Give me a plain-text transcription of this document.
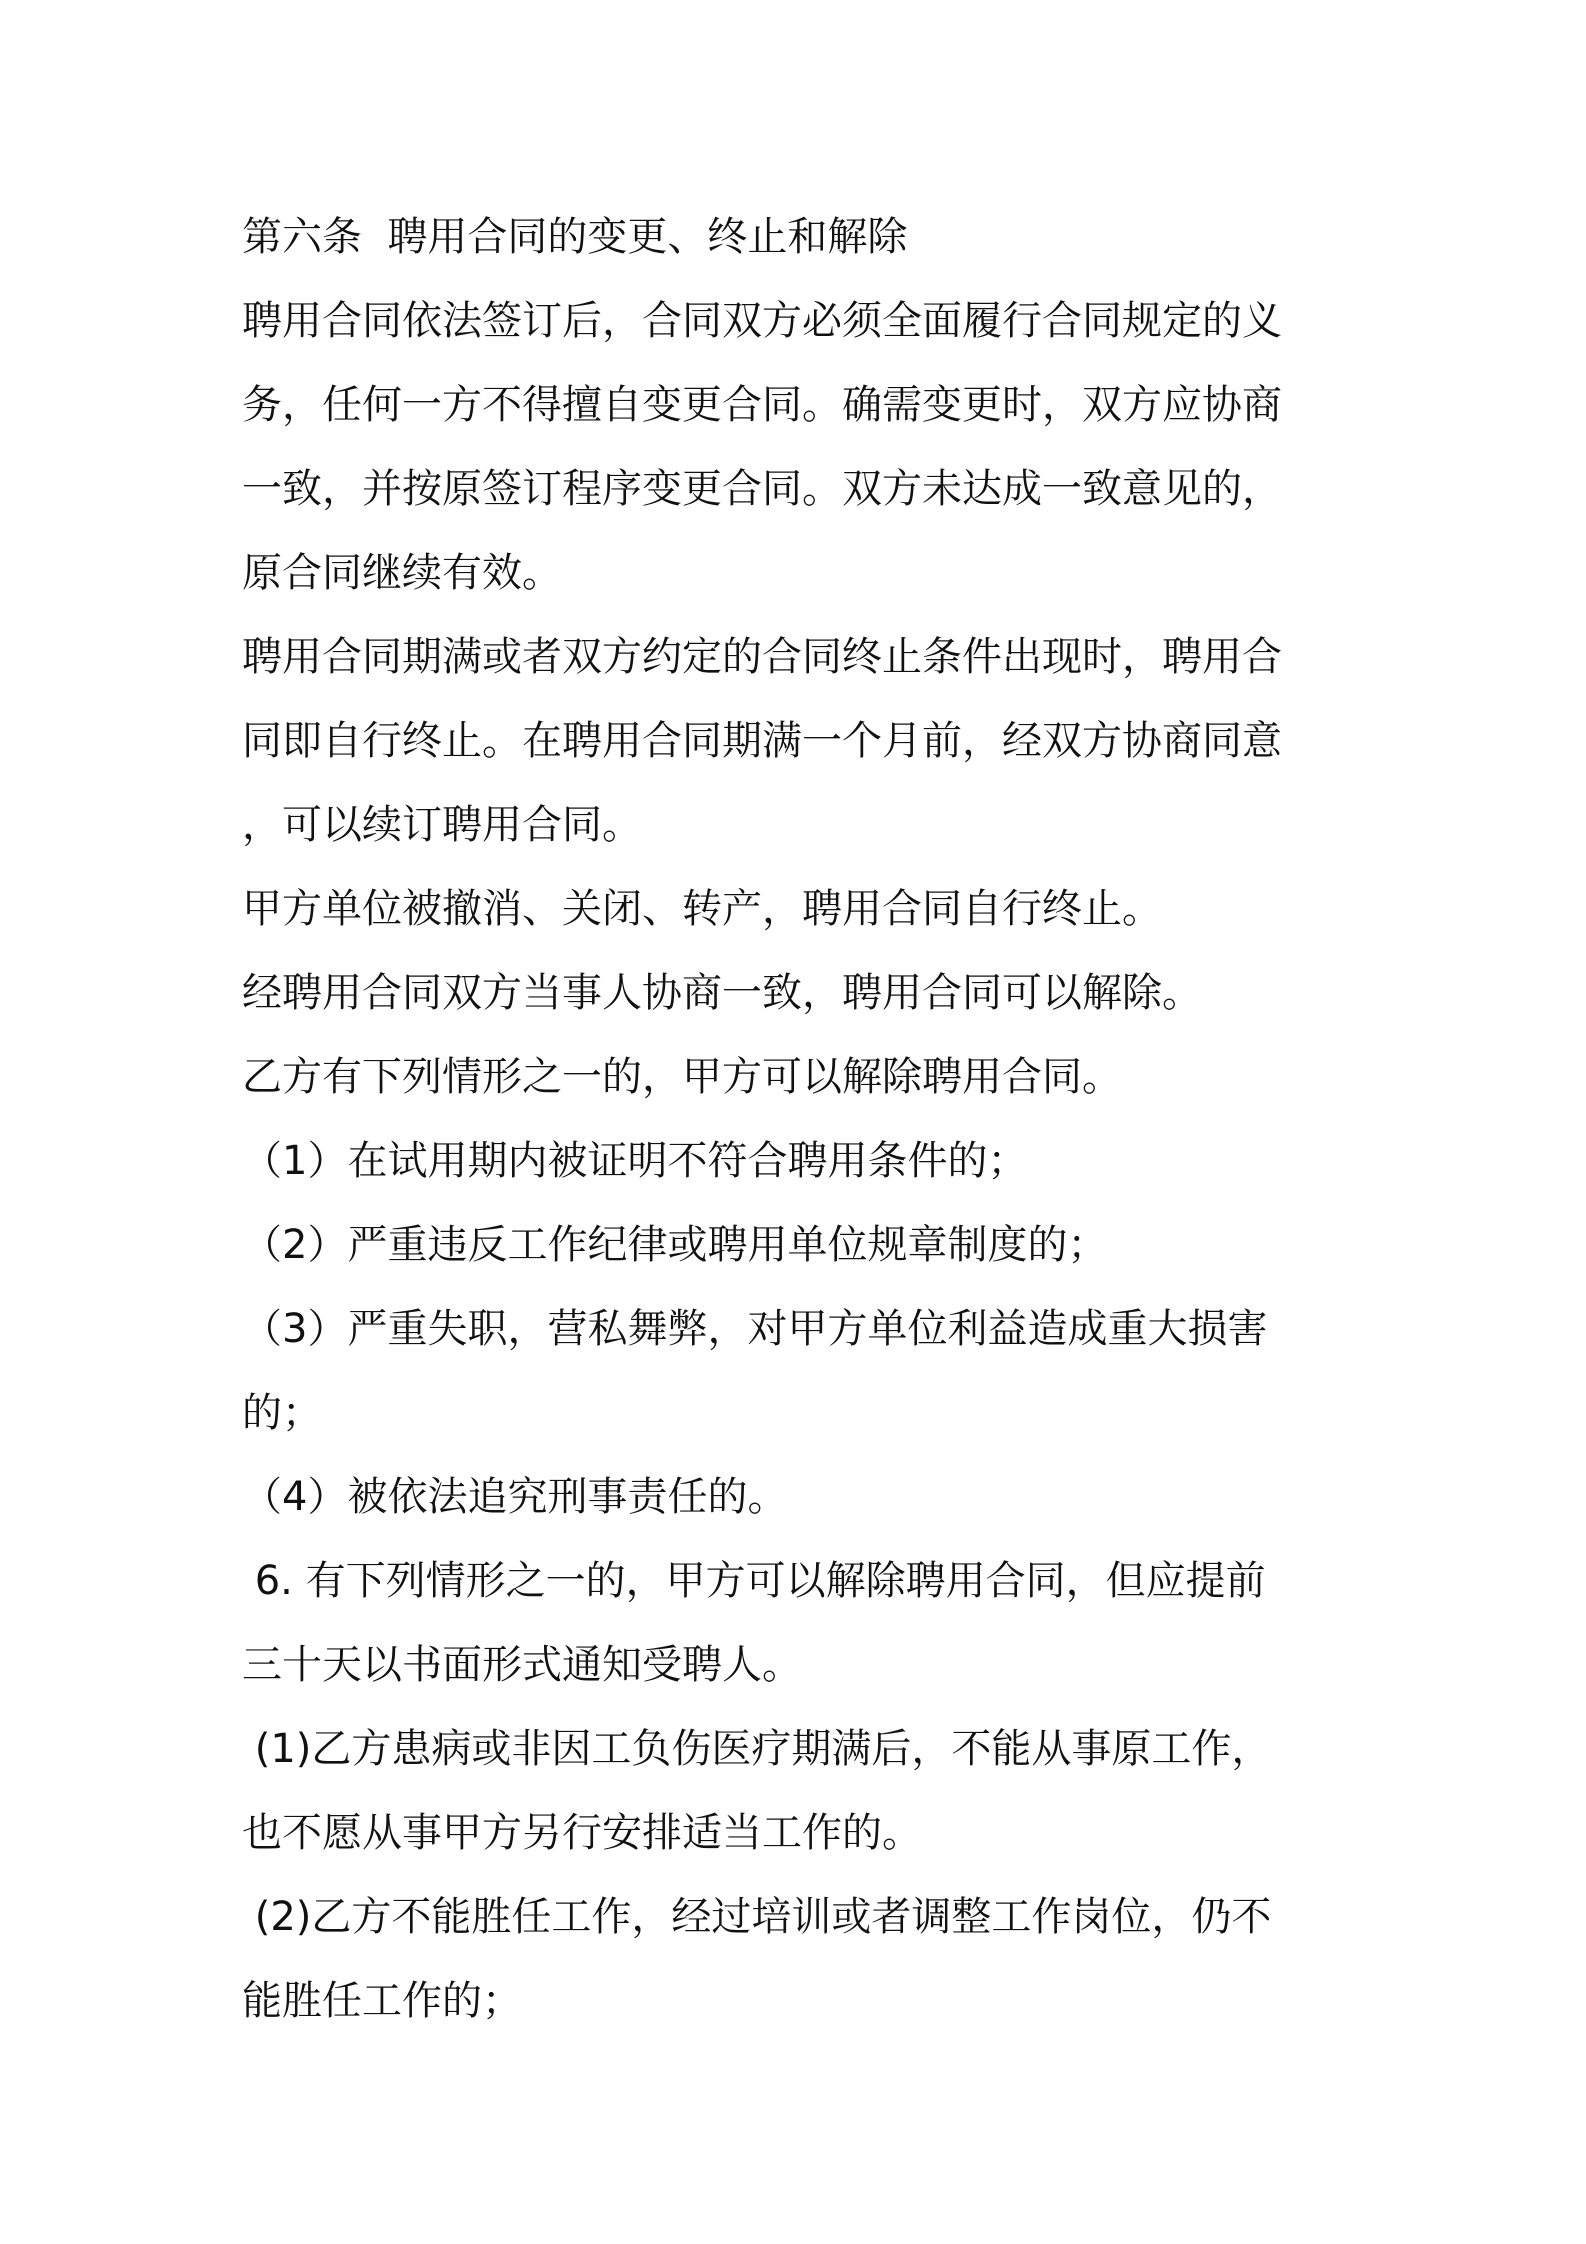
第六条  聘用合同的变更、终止和解除
聘用合同依法签订后，合同双方必须全面履行合同规定的义
务，任何一方不得擅自变更合同。确需变更时，双方应协商
一致，并按原签订程序变更合同。双方未达成一致意见的，
原合同继续有效。
聘用合同期满或者双方约定的合同终止条件出现时，聘用合
同即自行终止。在聘用合同期满一个月前，经双方协商同意
，可以续订聘用合同。
甲方单位被撤消、关闭、转产，聘用合同自行终止。
经聘用合同双方当事人协商一致，聘用合同可以解除。
乙方有下列情形之一的，甲方可以解除聘用合同。
（1）在试用期内被证明不符合聘用条件的；
（2）严重违反工作纪律或聘用单位规章制度的；
（3）严重失职，营私舞弊，对甲方单位利益造成重大损害
的；
（4）被依法追究刑事责任的。
6. 有下列情形之一的，甲方可以解除聘用合同，但应提前
三十天以书面形式通知受聘人。
(1)乙方患病或非因工负伤医疗期满后，不能从事原工作，
也不愿从事甲方另行安排适当工作的。
(2)乙方不能胜任工作，经过培训或者调整工作岗位，仍不
能胜任工作的；
